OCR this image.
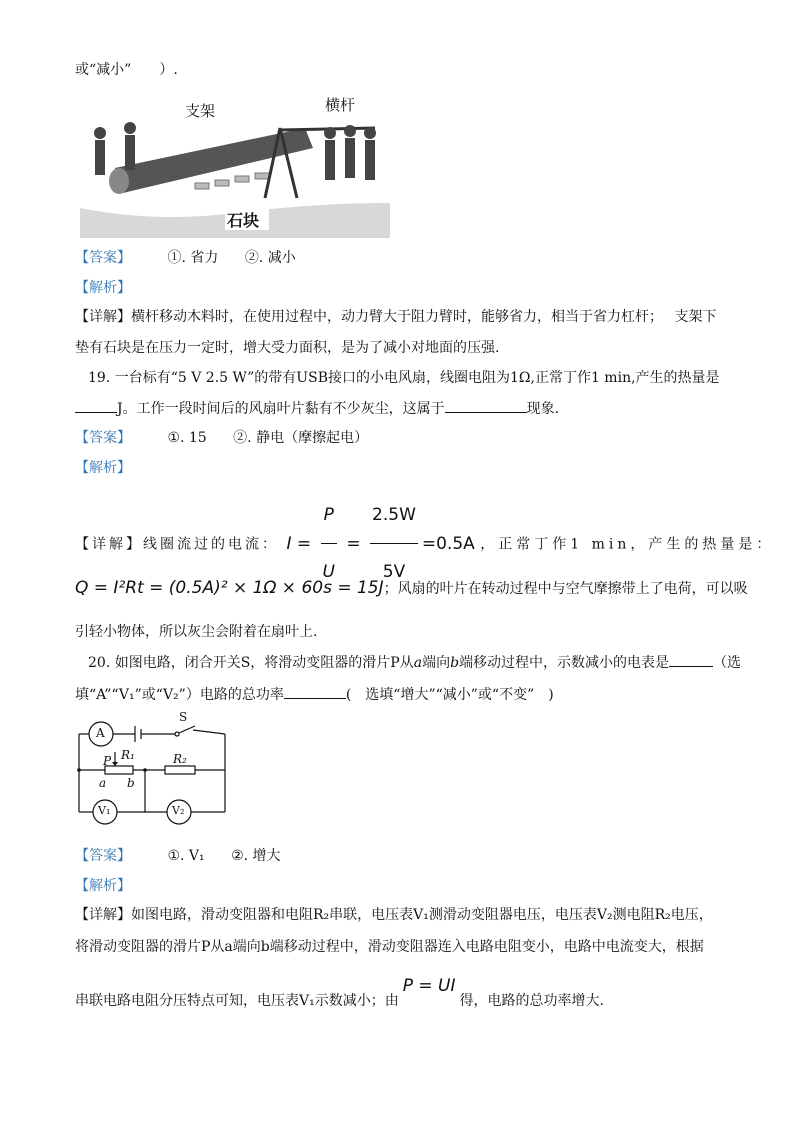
或“减小”　　）.
支架	横杆
石块
【答案】	①. 省力 ②. 减小
【解析】
【详解】横杆移动木料时，在使用过程中，动力臂大于阻力臂时，能够省力，相当于省力杠杆；　 支架下
垫有石块是在压力一定时，增大受力面积，是为了减小对地面的压强.
19. 一台标有“5 V 2.5 W”的带有USB接口的小电风扇，线圈电阻为1Ω,正常丁作1 min,产生的热量是
J。工作一段时间后的风扇叶片黏有不少灰尘，这属于	现象.
【答案】	①. 15 ②. 静电（摩擦起电）
【解析】
【详解】线圈流过的电流： $I = \frac{P}{U} = \frac{2.5W}{5V} =0.5A$ ，正常丁作1 min，产生的热量是：
Q = I²Rt = (0.5A)² × 1Ω × 60s = 15J；风扇的叶片在转动过程中与空气摩擦带上了电荷，可以吸
引轻小物体，所以灰尘会附着在扇叶上.
20. 如图电路，闭合开关S，将滑动变阻器的滑片P从a端向b端移动过程中，示数减小的电表是	（选
填“A”“V₁”或“V₂”）电路的总功率	(　选填“增大”“减小”或“不变”　)
A
S
R₁	R₂
P
a b
V₁	V₂
【答案】	①. V₁ ②. 增大
【解析】
【详解】如图电路，滑动变阻器和电阻R₂串联，电压表V₁测滑动变阻器电压，电压表V₂测电阻R₂电压，
将滑动变阻器的滑片P从a端向b端移动过程中，滑动变阻器连入电路电阻变小，电路中电流变大，根据
串联电路电阻分压特点可知，电压表V₁示数减小；由P = UI得，电路的总功率增大.
